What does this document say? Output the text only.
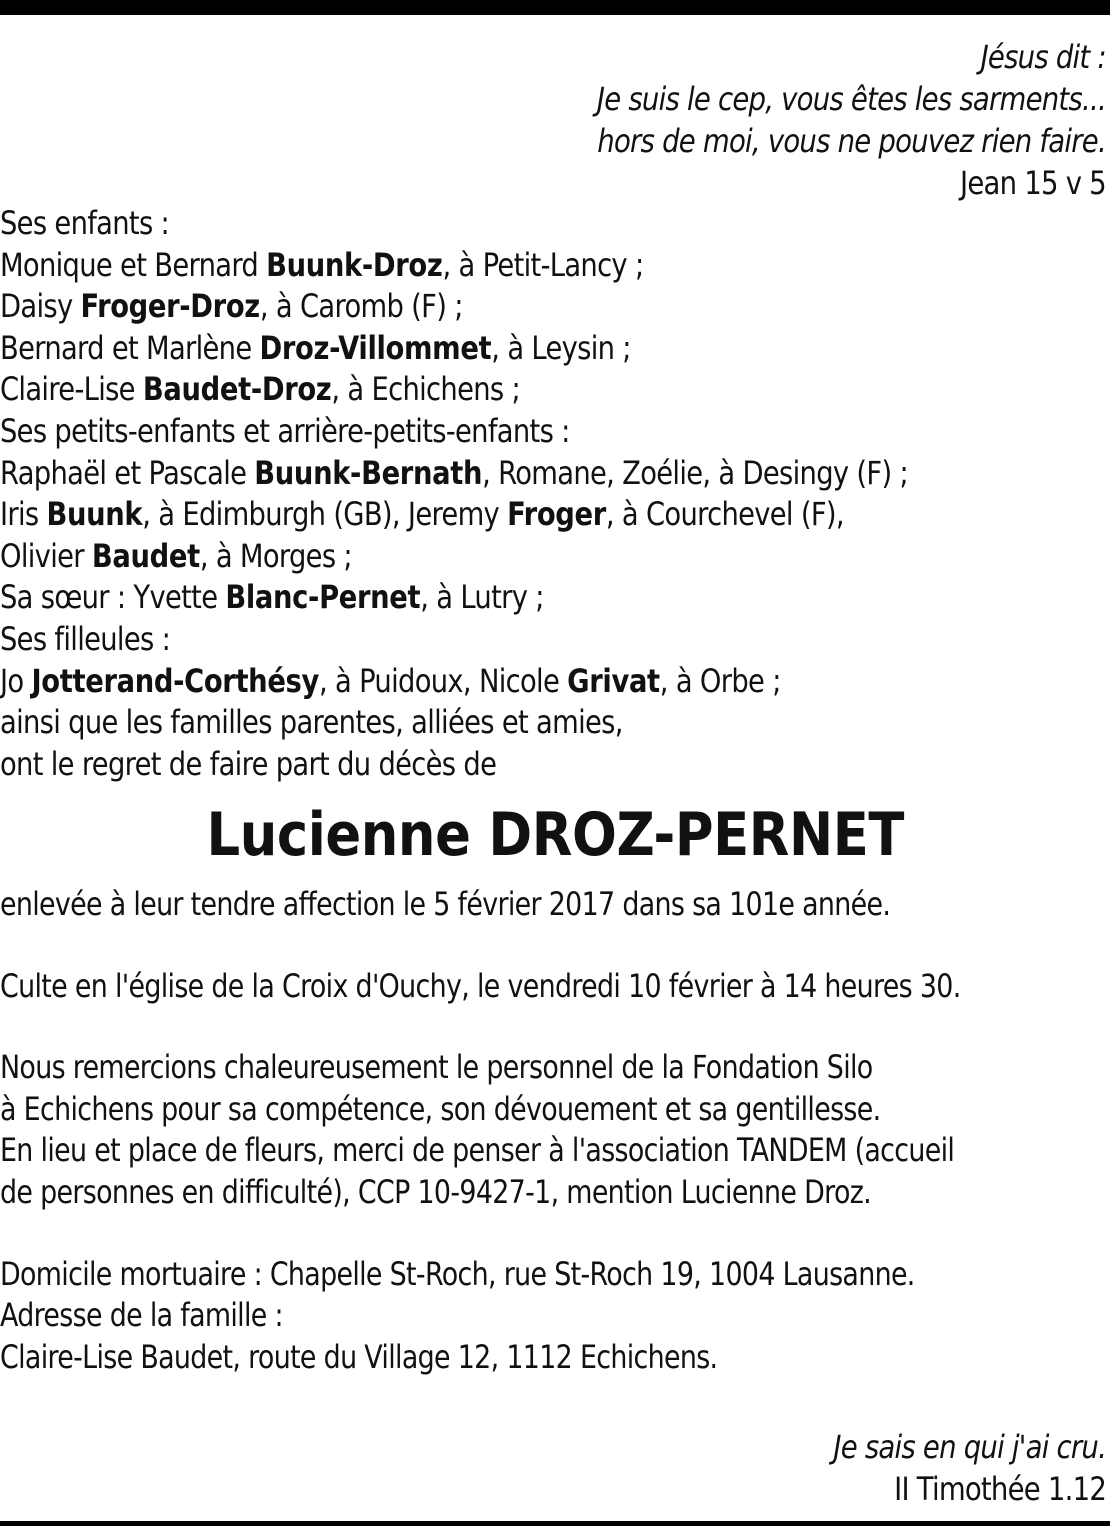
Jésus dit :
Je suis le cep, vous êtes les sarments...
hors de moi, vous ne pouvez rien faire.
Jean 15 v 5
Ses enfants :
Monique et Bernard Buunk-Droz, à Petit-Lancy ;
Daisy Froger-Droz, à Caromb (F) ;
Bernard et Marlène Droz-Villommet, à Leysin ;
Claire-Lise Baudet-Droz, à Echichens ;
Ses petits-enfants et arrière-petits-enfants :
Raphaël et Pascale Buunk-Bernath, Romane, Zoélie, à Desingy (F) ;
Iris Buunk, à Edimburgh (GB), Jeremy Froger, à Courchevel (F),
Olivier Baudet, à Morges ;
Sa sœur : Yvette Blanc-Pernet, à Lutry ;
Ses filleules :
Jo Jotterand-Corthésy, à Puidoux, Nicole Grivat, à Orbe ;
ainsi que les familles parentes, alliées et amies,
ont le regret de faire part du décès de
Lucienne DROZ-PERNET
enlevée à leur tendre affection le 5 février 2017 dans sa 101e année.
Culte en l'église de la Croix d'Ouchy, le vendredi 10 février à 14 heures 30.
Nous remercions chaleureusement le personnel de la Fondation Silo
à Echichens pour sa compétence, son dévouement et sa gentillesse.
En lieu et place de fleurs, merci de penser à l'association TANDEM (accueil
de personnes en difficulté), CCP 10-9427-1, mention Lucienne Droz.
Domicile mortuaire : Chapelle St-Roch, rue St-Roch 19, 1004 Lausanne.
Adresse de la famille :
Claire-Lise Baudet, route du Village 12, 1112 Echichens.
Je sais en qui j'ai cru.
II Timothée 1.12
